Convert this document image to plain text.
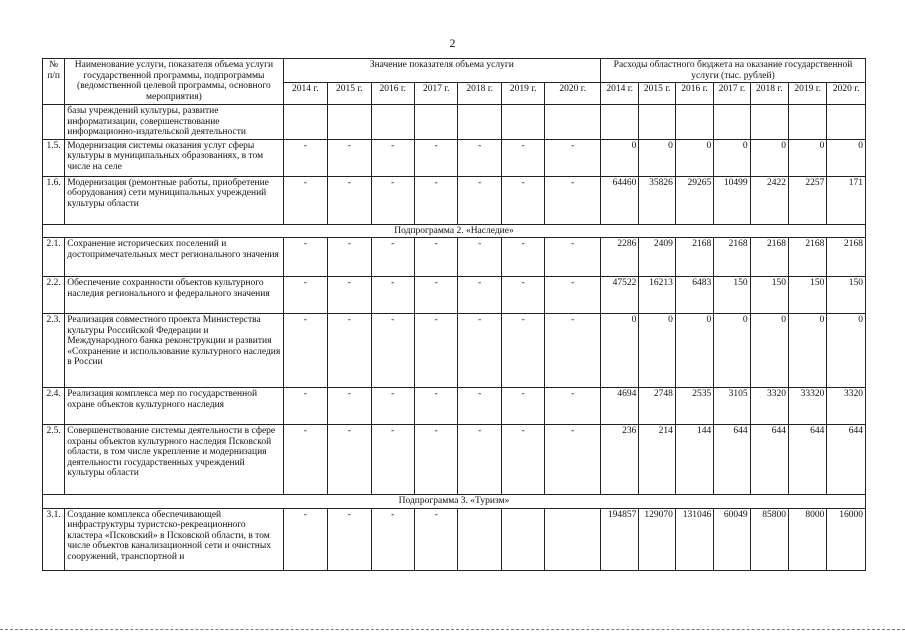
2
№ п/п	Наименование услуги, показателя объема услуги государственной программы, подпрограммы (ведомственной целевой программы, основного мероприятия)	Значение показателя объема услуги							Расходы областного бюджета на оказание государственной услуги (тыс. рублей)						
		2014 г.	2015 г.	2016 г.	2017 г.	2018 г.	2019 г.	2020 г.	2014 г.	2015 г.	2016 г.	2017 г.	2018 г.	2019 г.	2020 г.
	базы учреждений культуры, развитие информатизации, совершенствование информационно-издательской деятельности														
1.5.	Модернизация системы оказания услуг сферы культуры в муниципальных образованиях, в том числе на селе	-	-	-	-	-	-	-	0	0	0	0	0	0	0
1.6.	Модернизация (ремонтные работы, приобретение оборудования) сети муниципальных учреждений культуры области	-	-	-	-	-	-	-	64460	35826	29265	10499	2422	2257	171
Подпрограмма 2. «Наследие»															
2.1.	Сохранение исторических поселений и достопримечательных мест регионального значения	-	-	-	-	-	-	-	2286	2409	2168	2168	2168	2168	2168
2.2.	Обеспечение сохранности объектов культурного наследия регионального и федерального значения	-	-	-	-	-	-	-	47522	16213	6483	150	150	150	150
2.3.	Реализация совместного проекта Министерства культуры Российской Федерации и Международного банка реконструкции и развития «Сохранение и использование культурного наследия в России	-	-	-	-	-	-	-	0	0	0	0	0	0	0
2.4.	Реализация комплекса мер по государственной охране объектов культурного наследия	-	-	-	-	-	-	-	4694	2748	2535	3105	3320	33320	3320
2.5.	Совершенствование системы деятельности в сфере охраны объектов культурного наследия Псковской области, в том числе укрепление и модернизация деятельности государственных учреждений культуры области	-	-	-	-	-	-	-	236	214	144	644	644	644	644
Подпрограмма 3. «Туризм»															
3.1.	Создание комплекса обеспечивающей инфраструктуры туристско-рекреационного кластера «Псковский» в Псковской области, в том числе объектов канализационной сети и очистных сооружений, транспортной и	-	-	-	-				194857	129070	131046	60049	85800	8000	16000
